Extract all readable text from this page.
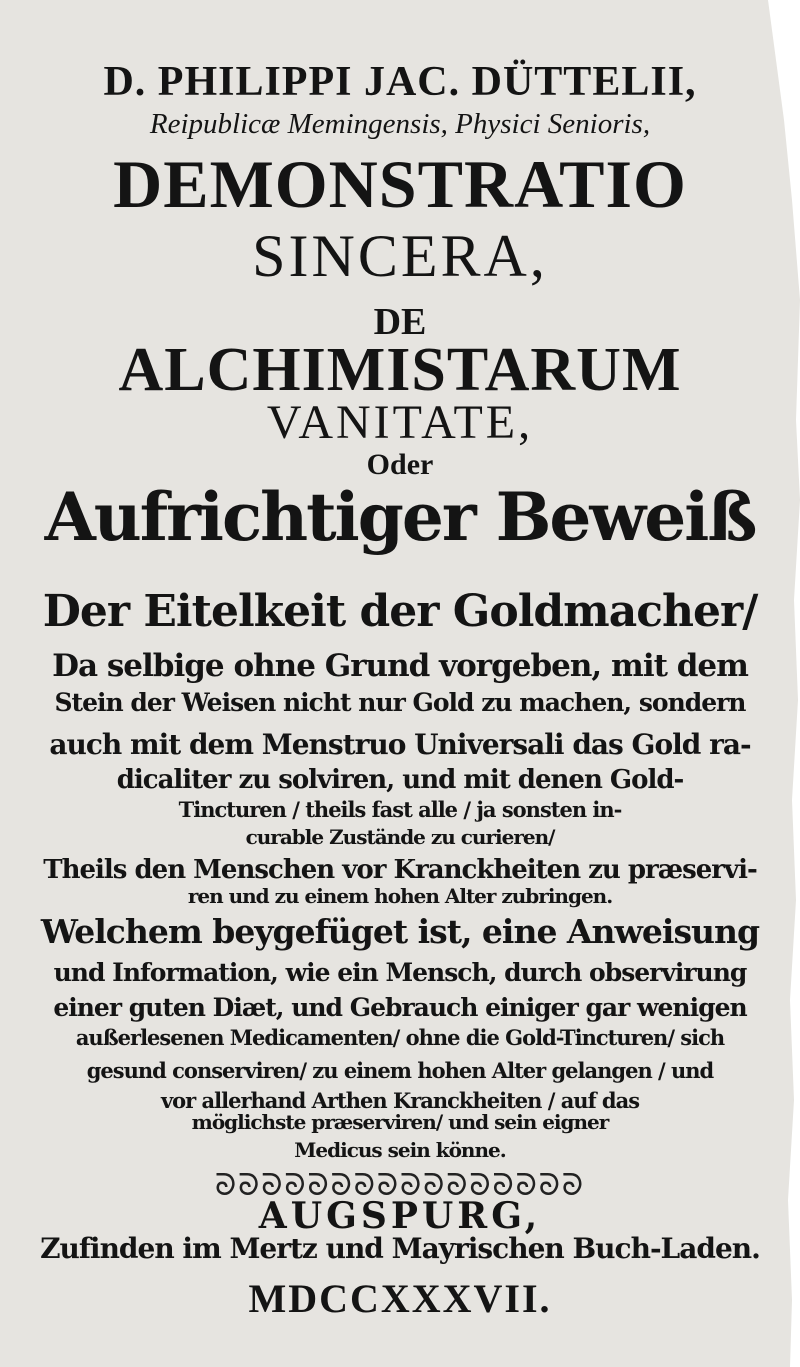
D. PHILIPPI JAC. DÜTTELII,
Reipublicæ Memingensis, Physici Senioris,
DEMONSTRATIO
SINCERA,
DE
ALCHIMISTARUM
VANITATE,
Oder
Aufrichtiger Beweiß
Der Eitelkeit der Goldmacher/
Da selbige ohne Grund vorgeben, mit dem
Stein der Weisen nicht nur Gold zu machen, sondern
auch mit dem Menstruo Universali das Gold ra-
dicaliter zu solviren, und mit denen Gold-
Tincturen / theils fast alle / ja sonsten in-
curable Zustände zu curieren/
Theils den Menschen vor Kranckheiten zu præservi-
ren und zu einem hohen Alter zubringen.
Welchem beygefüget ist, eine Anweisung
und Information, wie ein Mensch, durch observirung
einer guten Diæt, und Gebrauch einiger gar wenigen
außerlesenen Medicamenten/ ohne die Gold-Tincturen/ sich
gesund conserviren/ zu einem hohen Alter gelangen / und
vor allerhand Arthen Kranckheiten / auf das
möglichste præserviren/ und sein eigner
Medicus sein könne.
ᘐᘐᘐᘐᘐᘐᘐᘐᘐᘐᘐᘐᘐᘐᘐᘐ
AUGSPURG,
Zufinden im Mertz und Mayrischen Buch-Laden.
MDCCXXXVII.
